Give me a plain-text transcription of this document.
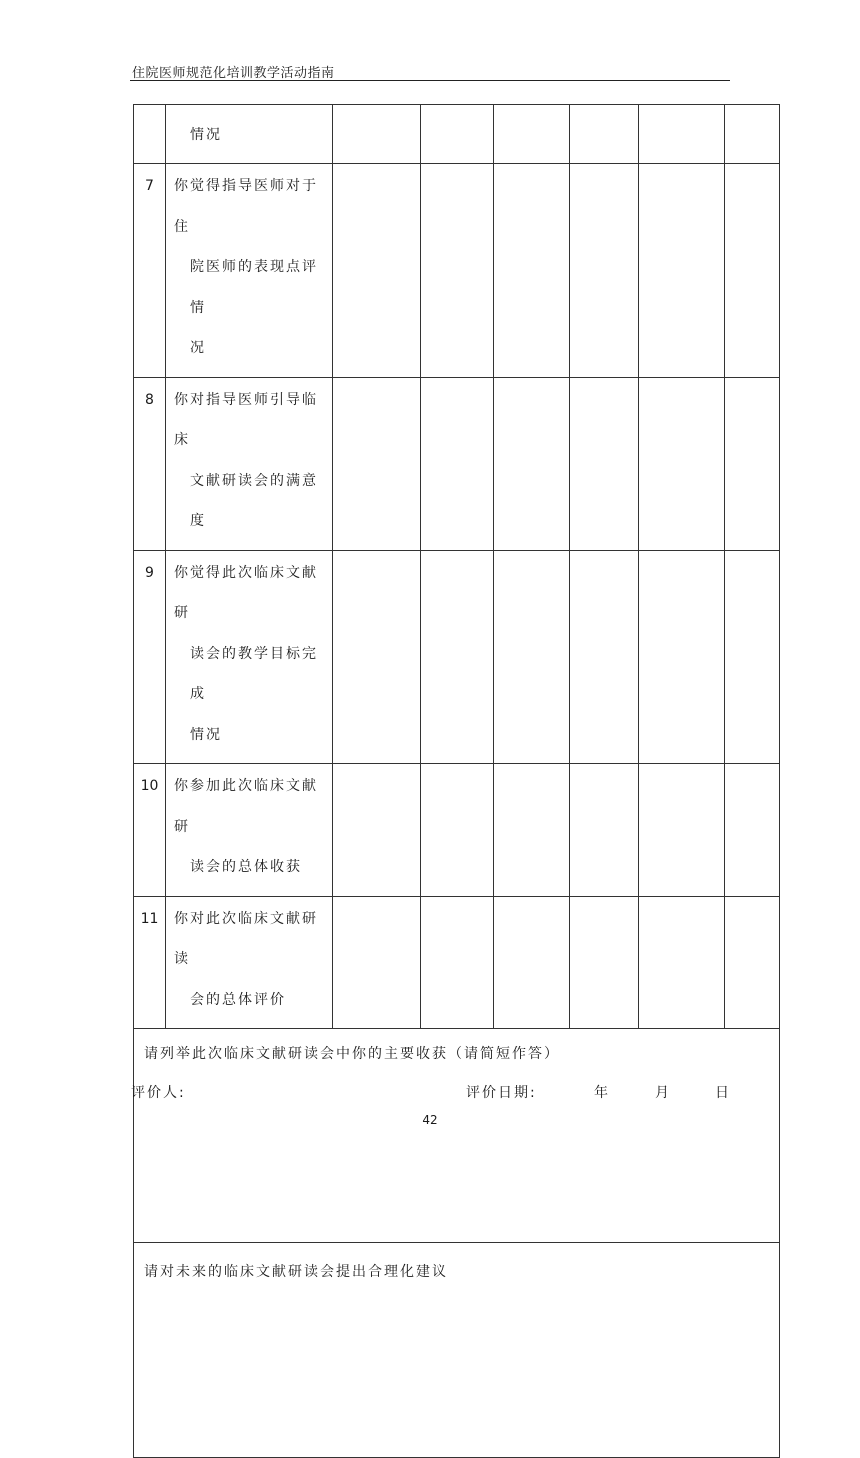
住院医师规范化培训教学活动指南

	情况						

7	你觉得指导医师对于住
院医师的表现点评情
况						

8	你对指导医师引导临床
文献研读会的满意度						

9	你觉得此次临床文献研
读会的教学目标完成
情况						

10	你参加此次临床文献研
读会的总体收获						

11	你对此次临床文献研读
会的总体评价						

请列举此次临床文献研读会中你的主要收获（请简短作答）							
请对未来的临床文献研读会提出合理化建议							
评价人:	评价日期:	年	月	日
42
